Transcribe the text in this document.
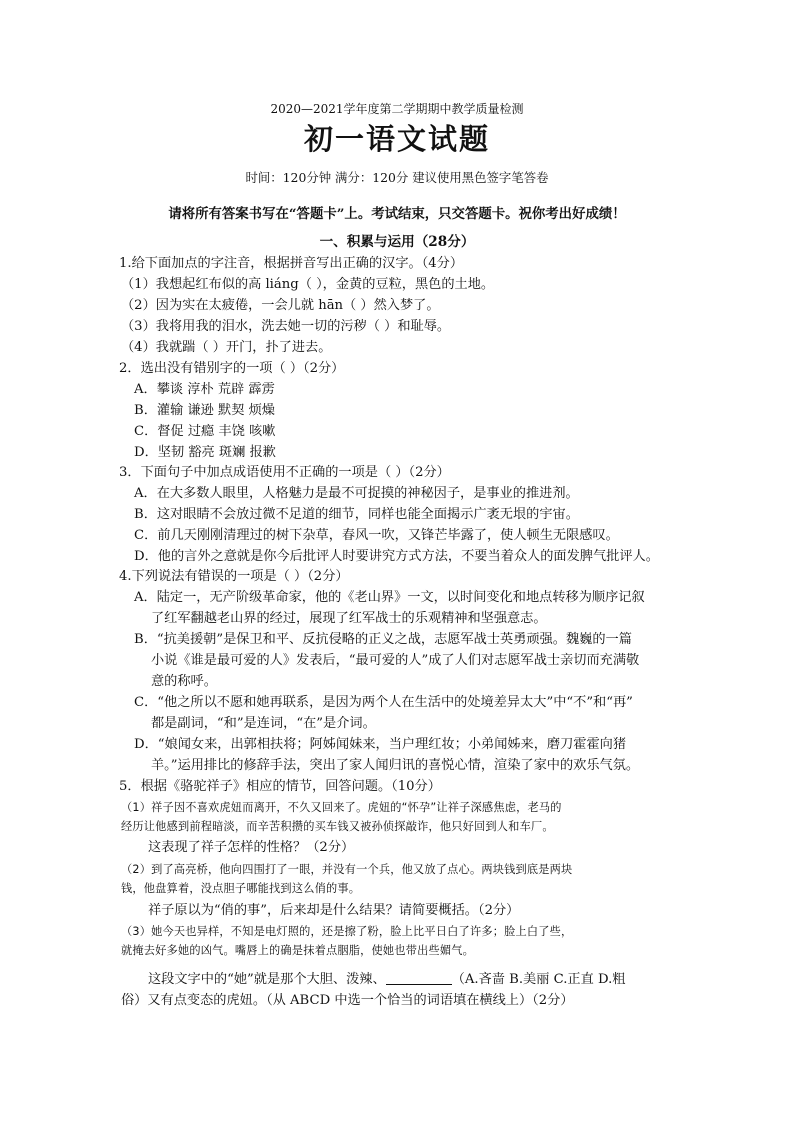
2020—2021学年度第二学期期中教学质量检测
初一语文试题
时间：120分钟 满分：120分 建议使用黑色签字笔答卷
请将所有答案书写在“答题卡”上。考试结束，只交答题卡。祝你考出好成绩！
一、积累与运用（28分）
1.给下面加点的字注音，根据拼音写出正确的汉字。（4分）
（1）我想起红布似的高 liáng（ ），金黄的豆粒，黑色的土地。
（2）因为实在太疲倦，一会儿就 hān（ ）然入梦了。
（3）我将用我的泪水，洗去她一切的污秽（ ）和耻辱。
（4）我就踹（ ）开门，扑了进去。
2．选出没有错别字的一项（ ）（2分）
A．攀谈 淳朴 荒辟 霹雳
B．灌输 谦逊 默契 烦燥
C．督促 过瘾 丰饶 咳嗽
D．坚韧 豁亮 斑斓 报歉
3．下面句子中加点成语使用不正确的一项是（ ）（2分）
A．在大多数人眼里，人格魅力是最不可捉摸的神秘因子，是事业的推进剂。
B．这对眼睛不会放过微不足道的细节，同样也能全面揭示广袤无垠的宇宙。
C．前几天刚刚清理过的树下杂草，春风一吹，又锋芒毕露了，使人顿生无限感叹。
D．他的言外之意就是你今后批评人时要讲究方式方法，不要当着众人的面发脾气批评人。
4.下列说法有错误的一项是（ ）（2分）
A．陆定一，无产阶级革命家，他的《老山界》一文，以时间变化和地点转移为顺序记叙
了红军翻越老山界的经过，展现了红军战士的乐观精神和坚强意志。
B．“抗美援朝”是保卫和平、反抗侵略的正义之战，志愿军战士英勇顽强。魏巍的一篇
小说《谁是最可爱的人》发表后，“最可爱的人”成了人们对志愿军战士亲切而充满敬
意的称呼。
C．“他之所以不愿和她再联系，是因为两个人在生活中的处境差异太大”中“不”和“再”
都是副词，“和”是连词，“在”是介词。
D．“娘闻女来，出郭相扶将；阿姊闻妹来，当户理红妆；小弟闻姊来，磨刀霍霍向猪
羊。”运用排比的修辞手法，突出了家人闻归讯的喜悦心情，渲染了家中的欢乐气氛。
5．根据《骆驼祥子》相应的情节，回答问题。（10分）
（1）祥子因不喜欢虎妞而离开，不久又回来了。虎妞的“怀孕”让祥子深感焦虑，老马的
经历让他感到前程暗淡，而辛苦积攒的买车钱又被孙侦探敲诈，他只好回到人和车厂。
这表现了祥子怎样的性格？（2分）
（2）到了高亮桥，他向四围打了一眼，并没有一个兵，他又放了点心。两块钱到底是两块
钱，他盘算着，没点胆子哪能找到这么俏的事。
祥子原以为“俏的事”，后来却是什么结果？请简要概括。（2分）
（3）她今天也异样，不知是电灯照的，还是擦了粉，脸上比平日白了许多；脸上白了些，
就掩去好多她的凶气。嘴唇上的确是抹着点胭脂，使她也带出些媚气。
这段文字中的“她”就是那个大胆、泼辣、	（A.吝啬 B.美丽 C.正直 D.粗
俗）又有点变态的虎妞。（从 ABCD 中选一个恰当的词语填在横线上）（2分）
